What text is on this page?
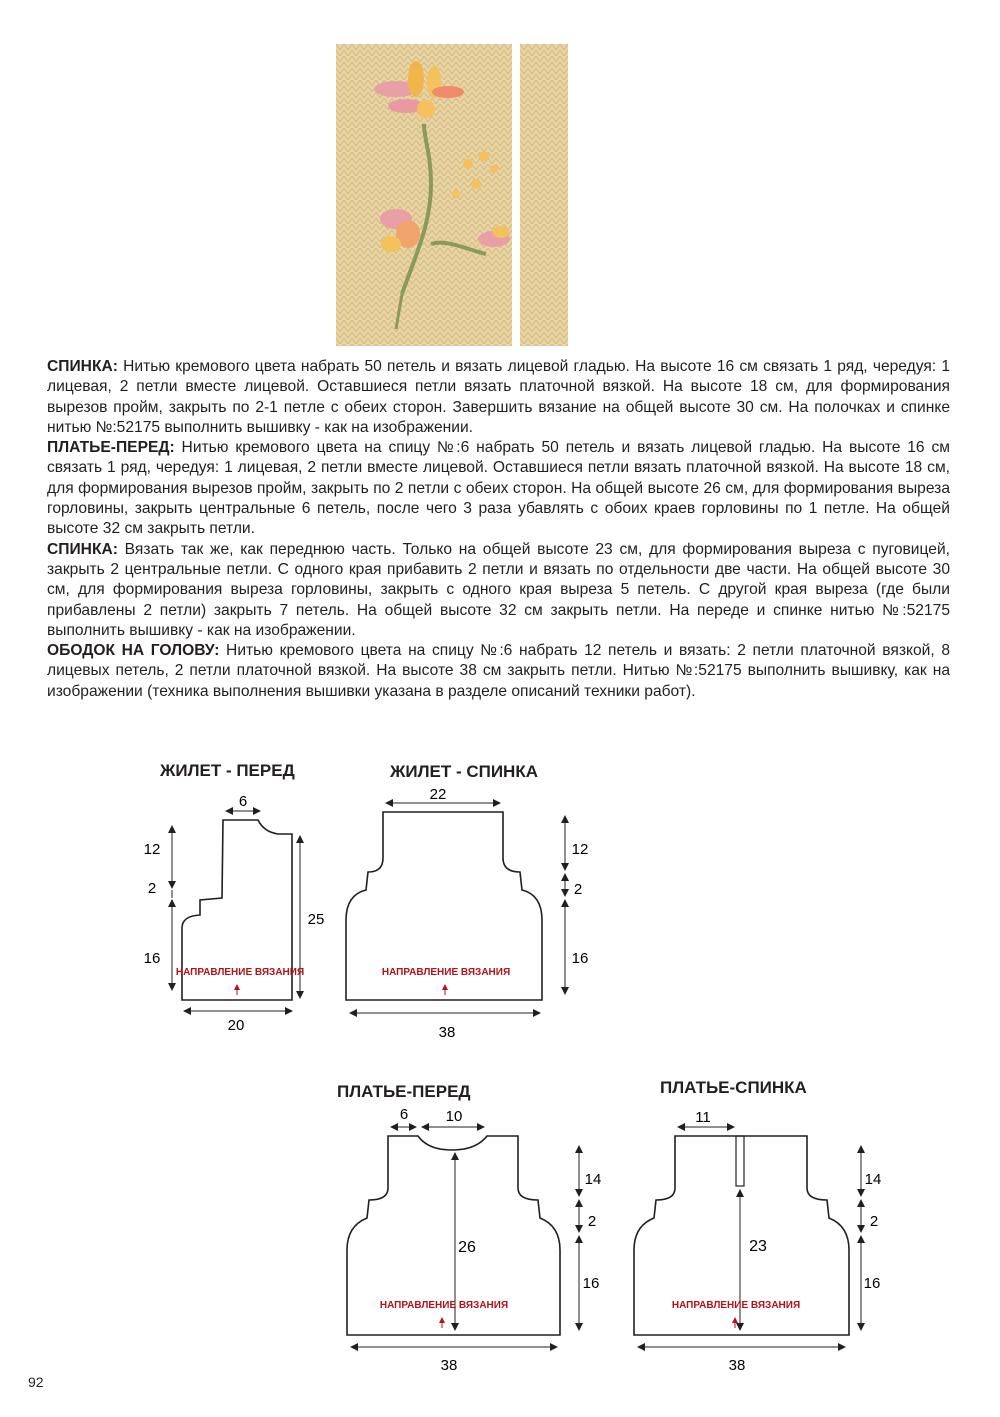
СПИНКА: Нитью кремового цвета набрать 50 петель и вязать лицевой гладью. На высоте 16 см связать 1 ряд, чередуя: 1 лицевая, 2 петли вместе лицевой. Оставшиеся петли вязать платочной вязкой. На высоте 18 см, для формирования вырезов пройм, закрыть по 2-1 петле с обеих сторон. Завершить вязание на общей высоте 30 см. На полочках и спинке нитью №:52175 выполнить вышивку - как на изображении.

ПЛАТЬЕ-ПЕРЕД: Нитью кремового цвета на спицу №:6 набрать 50 петель и вязать лицевой гладью. На высоте 16 см связать 1 ряд, чередуя: 1 лицевая, 2 петли вместе лицевой. Оставшиеся петли вязать платочной вязкой. На высоте 18 см, для формирования вырезов пройм, закрыть по 2 петли с обеих сторон. На общей высоте 26 см, для формирования выреза горловины, закрыть центральные 6 петель, после чего 3 раза убавлять с обоих краев горловины по 1 петле. На общей высоте 32 см закрыть петли.

СПИНКА: Вязать так же, как переднюю часть. Только на общей высоте 23 см, для формирования выреза с пуговицей, закрыть 2 центральные петли. С одного края прибавить 2 петли и вязать по отдельности две части. На общей высоте 30 см, для формирования выреза горловины, закрыть с одного края выреза 5 петель. С другой края выреза (где были прибавлены 2 петли) закрыть 7 петель. На общей высоте 32 см закрыть петли. На переде и спинке нитью №:52175 выполнить вышивку - как на изображении.

ОБОДОК НА ГОЛОВУ: Нитью кремового цвета на спицу №:6 набрать 12 петель и вязать: 2 петли платочной вязкой, 8 лицевых петель, 2 петли платочной вязкой. На высоте 38 см закрыть петли. Нитью №:52175 выполнить вышивку, как на изображении (техника выполнения вышивки указана в разделе описаний техники работ).

ЖИЛЕТ - ПЕРЕД
6
12
2
16
25
20
НАПРАВЛЕНИЕ ВЯЗАНИЯ
ЖИЛЕТ - СПИНКА
22
12
2
16
38
НАПРАВЛЕНИЕ ВЯЗАНИЯ
ПЛАТЬЕ-ПЕРЕД
6 10
14
2
16
26
38
НАПРАВЛЕНИЕ ВЯЗАНИЯ
ПЛАТЬЕ-СПИНКА
11
14
2
16
23
38
НАПРАВЛЕНИЕ ВЯЗАНИЯ
92
